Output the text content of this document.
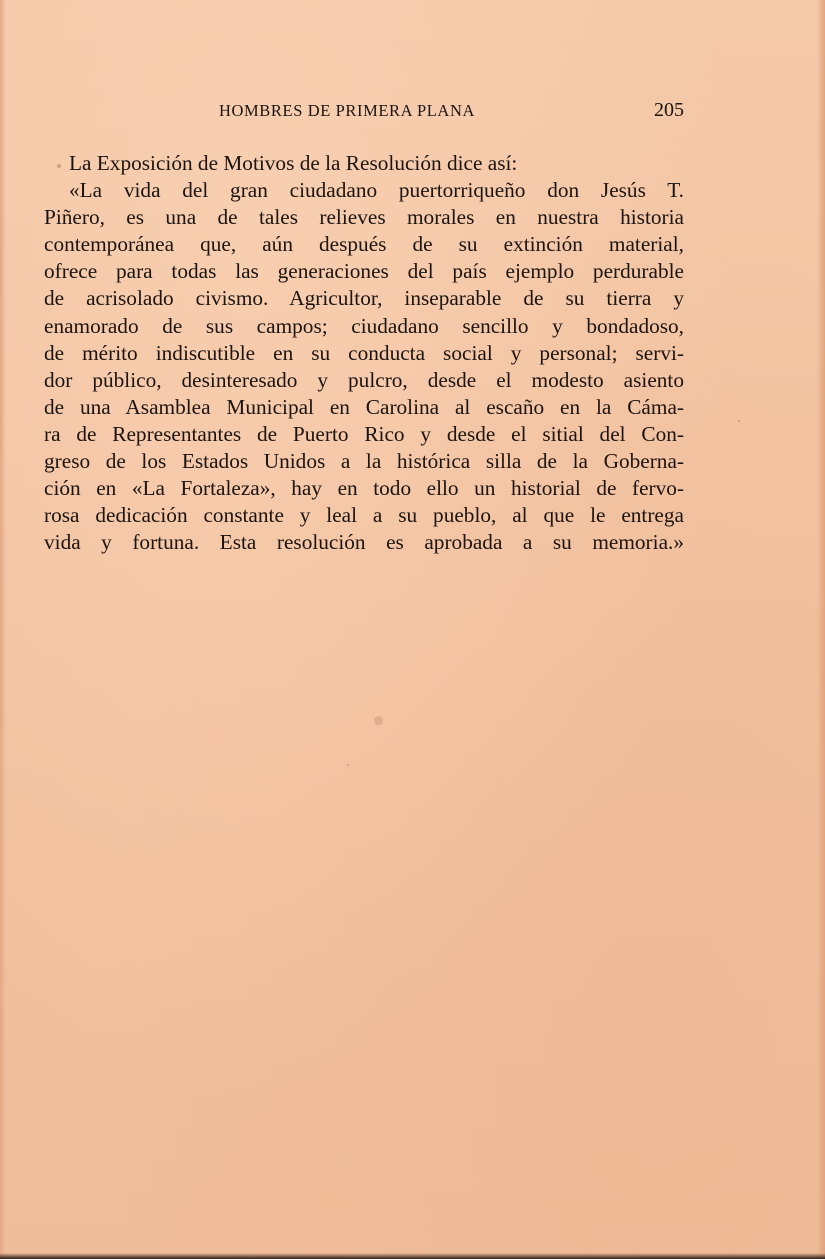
HOMBRES DE PRIMERA PLANA	205
La Exposición de Motivos de la Resolución dice así:
«La vida del gran ciudadano puertorriqueño don Jesús T.
Piñero, es una de tales relieves morales en nuestra historia
contemporánea que, aún después de su extinción material,
ofrece para todas las generaciones del país ejemplo perdurable
de acrisolado civismo. Agricultor, inseparable de su tierra y
enamorado de sus campos; ciudadano sencillo y bondadoso,
de mérito indiscutible en su conducta social y personal; servi-
dor público, desinteresado y pulcro, desde el modesto asiento
de una Asamblea Municipal en Carolina al escaño en la Cáma-
ra de Representantes de Puerto Rico y desde el sitial del Con-
greso de los Estados Unidos a la histórica silla de la Goberna-
ción en «La Fortaleza», hay en todo ello un historial de fervo-
rosa dedicación constante y leal a su pueblo, al que le entrega
vida y fortuna. Esta resolución es aprobada a su memoria.»
